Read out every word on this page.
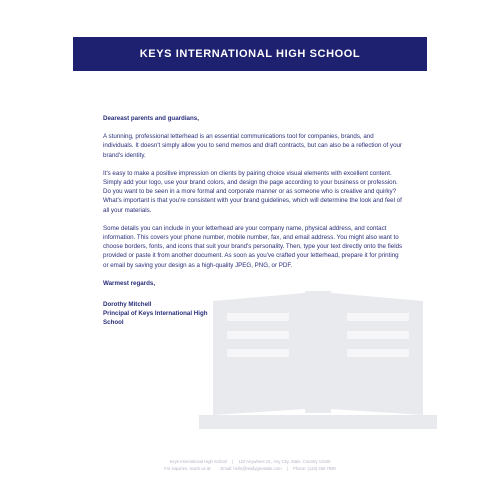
KEYS INTERNATIONAL HIGH SCHOOL

Deareast parents and guardians,

A stunning, professional letterhead is an essential communications tool for companies, brands, and individuals. It doesn't simply allow you to send memos and draft contracts, but can also be a reflection of your brand's identity.

It's easy to make a positive impression on clients by pairing choice visual elements with excellent content. Simply add your logo, use your brand colors, and design the page according to your business or profession. Do you want to be seen in a more formal and corporate manner or as someone who is creative and quirky? What's important is that you're consistent with your brand guidelines, which will determine the look and feel of all your materials.

Some details you can include in your letterhead are your company name, physical address, and contact information. This covers your phone number, mobile number, fax, and email address. You might also want to choose borders, fonts, and icons that suit your brand's personality. Then, type your text directly onto the fields provided or paste it from another document. As soon as you've crafted your letterhead, prepare it for printing or email by saving your design as a high-quality JPEG, PNG, or PDF.

Warmest regards,

Dorothy Mitchell
Principal of Keys International High
School
Keys International High School | 123 Anywhere St., Any City, State, Country 12345
For inquiries, reach us at: Email: hello@reallygreatsite.com | Phone: (123) 456 7890
